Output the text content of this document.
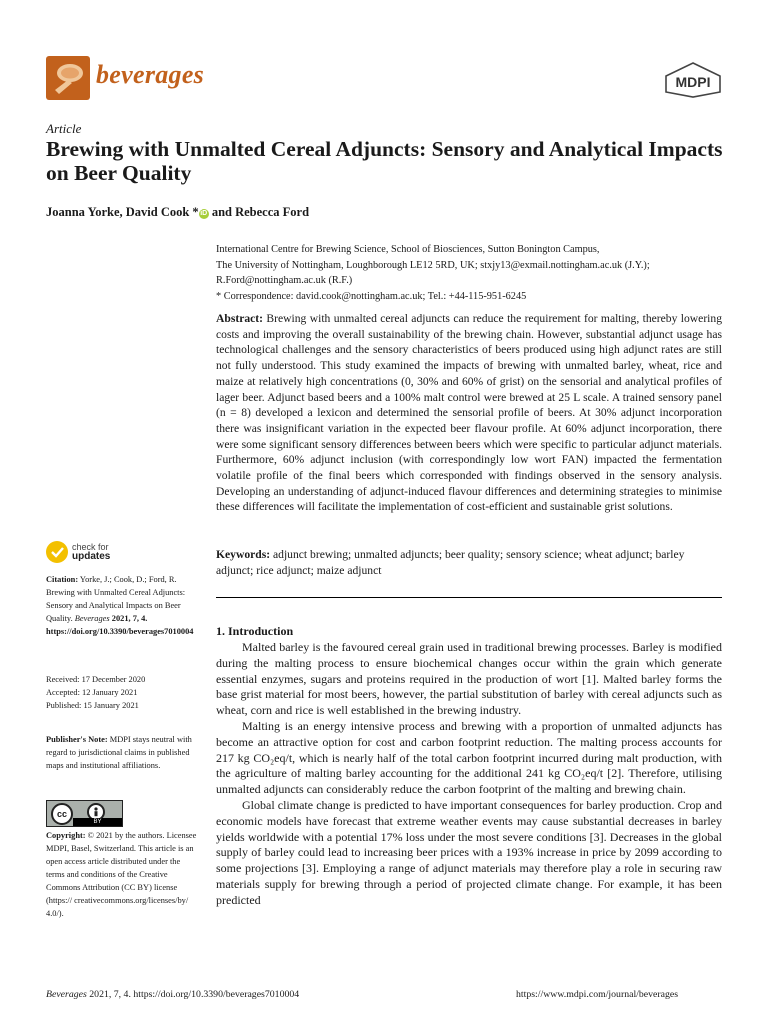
beverages	MDPI
Article
Brewing with Unmalted Cereal Adjuncts: Sensory and Analytical Impacts on Beer Quality
Joanna Yorke, David Cook * iD and Rebecca Ford
International Centre for Brewing Science, School of Biosciences, Sutton Bonington Campus,
The University of Nottingham, Loughborough LE12 5RD, UK; stxjy13@exmail.nottingham.ac.uk (J.Y.);
R.Ford@nottingham.ac.uk (R.F.)
* Correspondence: david.cook@nottingham.ac.uk; Tel.: +44-115-951-6245
Abstract: Brewing with unmalted cereal adjuncts can reduce the requirement for malting, thereby lowering costs and improving the overall sustainability of the brewing chain. However, substantial adjunct usage has technological challenges and the sensory characteristics of beers produced using high adjunct rates are still not fully understood. This study examined the impacts of brewing with unmalted barley, wheat, rice and maize at relatively high concentrations (0, 30% and 60% of grist) on the sensorial and analytical profiles of lager beer. Adjunct based beers and a 100% malt control were brewed at 25 L scale. A trained sensory panel (n = 8) developed a lexicon and determined the sensorial profile of beers. At 30% adjunct incorporation there was insignificant variation in the expected beer flavour profile. At 60% adjunct incorporation, there were some significant sensory differences between beers which were specific to particular adjunct materials. Furthermore, 60% adjunct inclusion (with correspondingly low wort FAN) impacted the fermentation volatile profile of the final beers which corresponded with findings observed in the sensory analysis. Developing an understanding of adjunct-induced flavour differences and determining strategies to minimise these differences will facilitate the implementation of cost-efficient and sustainable grist solutions.
Keywords: adjunct brewing; unmalted adjuncts; beer quality; sensory science; wheat adjunct; barley adjunct; rice adjunct; maize adjunct
check for
updates
Citation: Yorke, J.; Cook, D.; Ford, R. Brewing with Unmalted Cereal Adjuncts: Sensory and Analytical Impacts on Beer Quality. Beverages 2021, 7, 4. https://doi.org/10.3390/beverages7010004
Received: 17 December 2020
Accepted: 12 January 2021
Published: 15 January 2021
Publisher's Note: MDPI stays neutral with regard to jurisdictional claims in published maps and institutional affiliations.
cc
BY
Copyright: © 2021 by the authors. Licensee MDPI, Basel, Switzerland. This article is an open access article distributed under the terms and conditions of the Creative Commons Attribution (CC BY) license (https:// creativecommons.org/licenses/by/ 4.0/).
1. Introduction

Malted barley is the favoured cereal grain used in traditional brewing processes. Barley is modified during the malting process to ensure biochemical changes occur within the grain which generate essential enzymes, sugars and proteins required in the production of wort [1]. Malted barley forms the base grist material for most beers, however, the partial substitution of barley with cereal adjuncts such as wheat, corn and rice is well established in the brewing industry.

Malting is an energy intensive process and brewing with a proportion of unmalted adjuncts has become an attractive option for cost and carbon footprint reduction. The malting process accounts for 217 kg CO₂eq/t, which is nearly half of the total carbon footprint incurred during malt production, with the agriculture of malting barley accounting for the additional 241 kg CO₂eq/t [2]. Therefore, utilising unmalted adjuncts can considerably reduce the carbon footprint of the malting and brewing chain.

Global climate change is predicted to have important consequences for barley production. Crop and economic models have forecast that extreme weather events may cause substantial decreases in barley yields worldwide with a potential 17% loss under the most severe conditions [3]. Decreases in the global supply of barley could lead to increasing beer prices with a 193% increase in price by 2099 according to some projections [3]. Employing a range of adjunct materials may therefore play a role in securing raw materials supply for brewing through a period of projected climate change. For example, it has been predicted

Beverages 2021, 7, 4. https://doi.org/10.3390/beverages7010004	https://www.mdpi.com/journal/beverages
